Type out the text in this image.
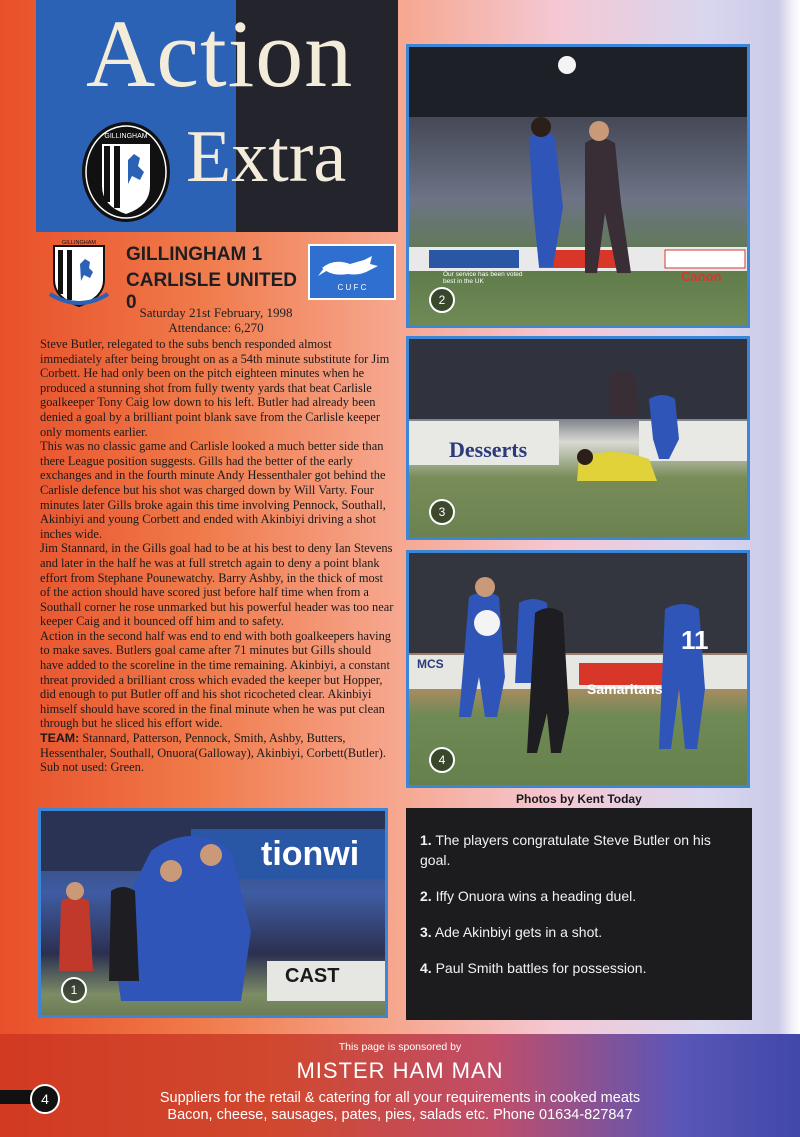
Action
Extra
GILLINGHAM
GILLINGHAM
GILLINGHAM 1
CARLISLE UNITED 0
C U F C
Saturday 21st February, 1998
Attendance: 6,270

Steve Butler, relegated to the subs bench responded almost immediately after being brought on as a 54th minute substitute for Jim Corbett. He had only been on the pitch eighteen minutes when he produced a stunning shot from fully twenty yards that beat Carlisle goalkeeper Tony Caig low down to his left. Butler had already been denied a goal by a brilliant point blank save from the Carlisle keeper only moments earlier.

This was no classic game and Carlisle looked a much better side than there League position suggests. Gills had the better of the early exchanges and in the fourth minute Andy Hessenthaler got behind the Carlisle defence but his shot was charged down by Will Varty. Four minutes later Gills broke again this time involving Pennock, Southall, Akinbiyi and young Corbett and ended with Akinbiyi driving a shot inches wide.

Jim Stannard, in the Gills goal had to be at his best to deny Ian Stevens and later in the half he was at full stretch again to deny a point blank effort from Stephane Pounewatchy. Barry Ashby, in the thick of most of the action should have scored just before half time when from a Southall corner he rose unmarked but his powerful header was too near keeper Caig and it bounced off him and to safety.

Action in the second half was end to end with both goalkeepers having to make saves. Butlers goal came after 71 minutes but Gills should have added to the scoreline in the time remaining. Akinbiyi, a constant threat provided a brilliant cross which evaded the keeper but Hopper, did enough to put Butler off and his shot ricocheted clear. Akinbiyi himself should have scored in the final minute when he was put clean through but he sliced his effort wide.

TEAM: Stannard, Patterson, Pennock, Smith, Ashby, Butters, Hessenthaler, Southall, Onuora(Galloway), Akinbiyi, Corbett(Butler). Sub not used: Green.

Our service has been voted best in the UK	Canon
2
Desserts
3
11
MCS
Samaritans
4
Photos by Kent Today
tionwi
CAST
1

1. The players congratulate Steve Butler on his goal.

2. Iffy Onuora wins a heading duel.

3. Ade Akinbiyi gets in a shot.

4. Paul Smith battles for possession.

This page is sponsored by
MISTER HAM MAN
Suppliers for the retail & catering for all your requirements in cooked meats
Bacon, cheese, sausages, pates, pies, salads etc. Phone 01634-827847
4
